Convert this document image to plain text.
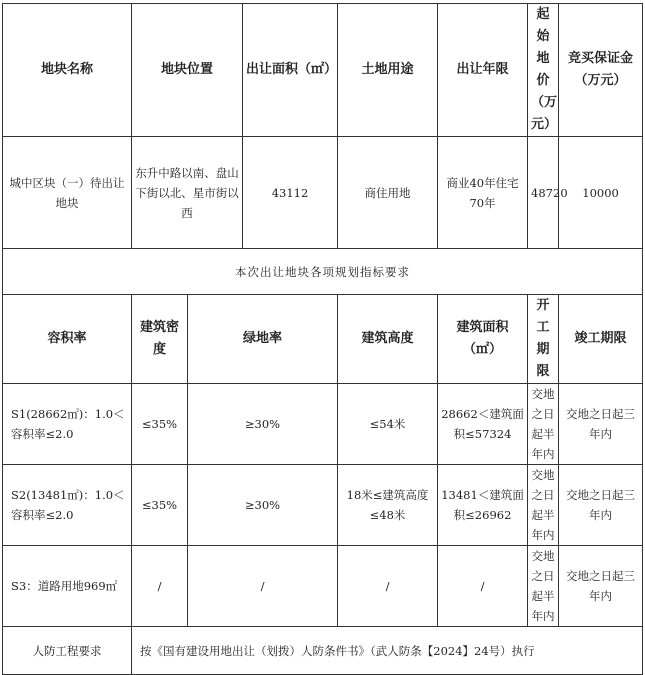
地块名称	地块位置		出让面积（㎡）	土地用途	出让年限	起始地价（万元）	竞买保证金（万元）
城中区块（一）待出让地块	东升中路以南、盘山下街以北、星市街以西		43112	商住用地	商业40年住宅70年	48720	10000
本次出让地块各项规划指标要求							
容积率	建筑密度	绿地率		建筑高度	建筑面积（㎡）	开工期限	竣工期限
S1(28662㎡)：1.0＜容积率≤2.0	≤35%	≥30%		≤54米	28662＜建筑面积≤57324	交地之日起半年内	交地之日起三年内
S2(13481㎡)：1.0＜容积率≤2.0	≤35%	≥30%		18米≤建筑高度≤48米	13481＜建筑面积≤26962	交地之日起半年内	交地之日起三年内
S3：道路用地969㎡	/	/		/	/	交地之日起半年内	交地之日起三年内
人防工程要求	按《国有建设用地出让（划拨）人防条件书》（武人防条【2024】24号）执行						
